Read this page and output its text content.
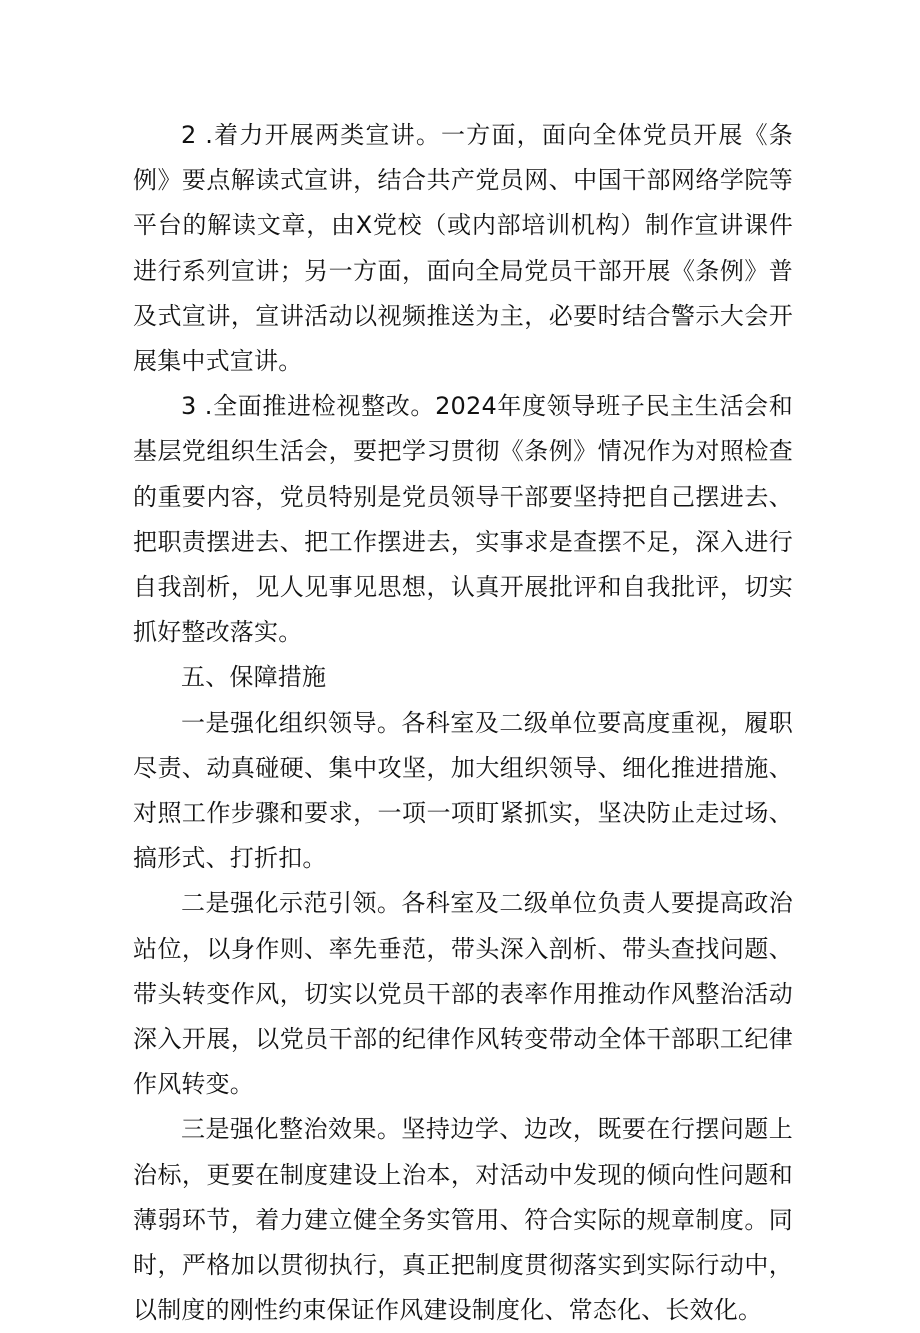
2 .着力开展两类宣讲。一方面，面向全体党员开展《条例》要点解读式宣讲，结合共产党员网、中国干部网络学院等平台的解读文章，由X党校（或内部培训机构）制作宣讲课件进行系列宣讲；另一方面，面向全局党员干部开展《条例》普及式宣讲，宣讲活动以视频推送为主，必要时结合警示大会开展集中式宣讲。

3 .全面推进检视整改。2024年度领导班子民主生活会和基层党组织生活会，要把学习贯彻《条例》情况作为对照检查的重要内容，党员特别是党员领导干部要坚持把自己摆进去、把职责摆进去、把工作摆进去，实事求是查摆不足，深入进行自我剖析，见人见事见思想，认真开展批评和自我批评，切实抓好整改落实。

五、保障措施

一是强化组织领导。各科室及二级单位要高度重视，履职尽责、动真碰硬、集中攻坚，加大组织领导、细化推进措施、对照工作步骤和要求，一项一项盯紧抓实，坚决防止走过场、搞形式、打折扣。

二是强化示范引领。各科室及二级单位负责人要提高政治站位，以身作则、率先垂范，带头深入剖析、带头查找问题、带头转变作风，切实以党员干部的表率作用推动作风整治活动深入开展，以党员干部的纪律作风转变带动全体干部职工纪律作风转变。

三是强化整治效果。坚持边学、边改，既要在行摆问题上治标，更要在制度建设上治本，对活动中发现的倾向性问题和薄弱环节，着力建立健全务实管用、符合实际的规章制度。同时，严格加以贯彻执行，真正把制度贯彻落实到实际行动中，以制度的刚性约束保证作风建设制度化、常态化、长效化。
